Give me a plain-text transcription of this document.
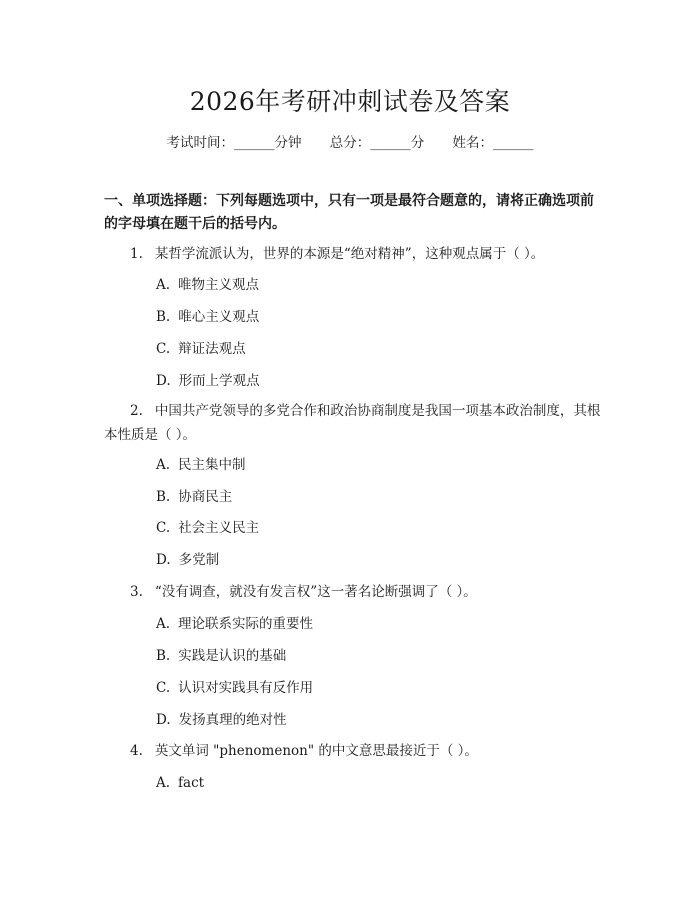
2026年考研冲刺试卷及答案
考试时间：______分钟 总分：______分 姓名：______
一、单项选择题：下列每题选项中，只有一项是最符合题意的，请将正确选项前的字母填在题干后的括号内。
1. 某哲学流派认为，世界的本源是“绝对精神”，这种观点属于（ ）。
A. 唯物主义观点
B. 唯心主义观点
C. 辩证法观点
D. 形而上学观点
2. 中国共产党领导的多党合作和政治协商制度是我国一项基本政治制度，其根本性质是（ ）。
A. 民主集中制
B. 协商民主
C. 社会主义民主
D. 多党制
3. “没有调查，就没有发言权”这一著名论断强调了（ ）。
A. 理论联系实际的重要性
B. 实践是认识的基础
C. 认识对实践具有反作用
D. 发扬真理的绝对性
4. 英文单词 "phenomenon" 的中文意思最接近于（ ）。
A. fact
